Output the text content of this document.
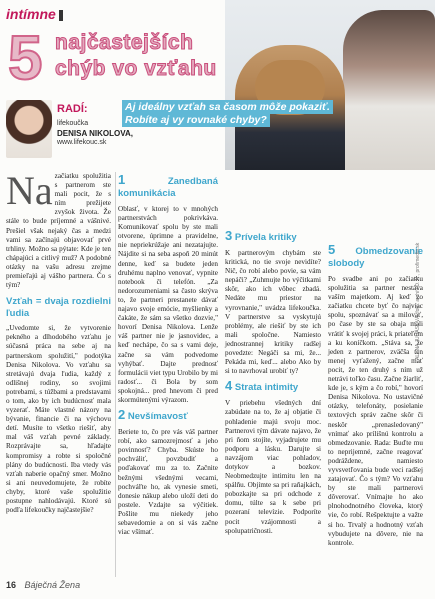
intímne
5 najčastejších chýb vo vzťahu
Aj ideálny vzťah sa časom môže pokaziť. Robíte aj vy rovnaké chyby?
RADÍ:
lifekoučka
DENISA NIKOLOVA,
www.lifekouc.sk
Na začiatku spolužitia s partnerom ste mali pocit, že s ním prežijete zvyšok života. Že stále to bude príjemné a vášnivé. Prešiel však nejaký čas a medzi vami sa začínajú objavovať prvé trhliny. Možno sa pýtate: Kde je ten chápajúci a citlivý muž? A podobné otázky na vašu adresu zrejme premieľajú aj vášho partnera. Čo s tým?
Vzťah = dvaja rozdielni ľudia

„Uvedomte si, že vytvorenie pekného a dlhodobého vzťahu je súčasná práca na sebe aj na partnerskom spolužití," podotýka Denisa Nikolova. Vo vzťahu sa stretávajú dvaja ľudia, každý z odlišnej rodiny, so svojimi potrebami, s túžbami a predstavami o tom, ako by ich budúcnosť mala vyzerať. Máte vlastné názory na bývanie, financie či na výchovu detí. Musíte to všetko riešiť, aby mal váš vzťah pevné základy. Rozprávajte sa, hľadajte kompromisy a robte si spoločné plány do budúcnosti. Iba vtedy vás vzťah naberie opačný smer. Možno si ani neuvedomujete, že robíte chyby, ktoré vaše spolužitie postupne nahlodávajú. Ktoré sú podľa lifekoučky najčastejšie?

1	Zanedbaná komunikácia

Oblasť, v ktorej to v mnohých partnerstvách pokrivkáva. Komunikovať spolu by ste mali otvorene, úprimne a pravidelne, nie nepriekrúžaje ani nezatajujte. Nájdite si na seba aspoň 20 minút denne, keď sa budete jeden druhému naplno venovať, vypnite notebook či telefón. „Za nedorozumeniami sa často skrýva to, že partneri prestanete dávať najavo svoje emócie, myšlienky a čakáte, že sám sa všetko dozvie," hovorí Denisa Nikolova. Lenže váš partner nie je jasnovidec, a keď nechápe, čo sa s vami deje, začne sa vám podvedome vyhýbať. Dajte prednosť formulácii viet typu Urobilo by mi radosť... či Bola by som spokojná... pred hnevom či pred skormútenými výrazom.

2 Nevšímavosť

Beriete to, čo pre vás váš partner robí, ako samozrejmosť a jeho povinnosť? Chyba. Skúste ho pochváliť, povzbudiť a poďakovať mu za to. Začnite bežnými všednými vecami, pochváľte ho, ak vynesie smeti, donesie nákup alebo uloží deti do postele. Vzdajte sa výčitiek. Pošlite mu niekedy jeho sebavedomie a on si vás začne viac všímať.

3 Prívela kritiky

K partnerovým chybám ste kritická, no tie svoje nevidíte? Nič, čo robí alebo povie, sa vám nepáči? „Zuhmujte ho výčitkami skôr, ako ich vôbec zbadá. Nedáte mu priestor na vyrovnanie," uvádza lifekoučka. V partnerstve sa vyskytujú problémy, ale riešiť by ste ich mali spoločne. Namiesto jednostrannej kritiky radšej povedzte: Negáči sa mi, že... Pekáda mi, keď... alebo Ako by si to navrhoval urobiť ty?

4 Strata intimity

V priebehu všedných dní zabúdate na to, že aj objatie či pohladenie majú svoju moc. Partnerovi tým dávate najavo, že pri ňom stojíte, vyjadrujete mu podporu a lásku. Darujte si navzájom viac pohladov, dotykov a bozkov. Neobmedzujte intimitu len na spálňu. Objímte sa pri raňajkách, pobozkajte sa pri odchode z domu, túlte sa k sebe pri pozeraní televízie. Podporíte pocit vzájomnosti a spolupatričnosti.

5 Obmedzovanie slobody

Po svadbe ani po začiatku spolužitia sa partner nestáva vaším majetkom. Aj keď zo začiatku chcete byť čo najviac spolu, spoznávať sa a milovať, po čase by ste sa obaja mali vrátiť k svojej práci, k priateľom a ku koníčkom. „Stáva sa, že jeden z partnerov, zväčša ten menej vyťažený, začne mať pocit, že ten druhý s ním už netrávi toľko času. Začne žiarliť, kde je, s kým a čo robí," hovorí Denisa Nikolova. No ustavičné otázky, telefonáty, posielanie textových správ začne skôr či neskôr „prenasledovaný" vnímať ako prílišnú kontrolu a obmedzovanie. Rada: Buďte mu to neprijemné, začne reagovať podráždene, namiesto vyvsvetľovania bude veci radšej zatajovať. Čo s tým? Vo vzťahu by ste mali partnerovi dôverovať. Vnímajte ho ako plnohodnotného človeka, ktorý vie, čo robí. Rešpektujte a važte si ho. Trvalý a hodnotný vzťah vybudujete na dôvere, nie na kontrole.

16 Báječná Žena
ALENA JUHÁSOVÁ, foto: archív D. N., profimedia.sk
